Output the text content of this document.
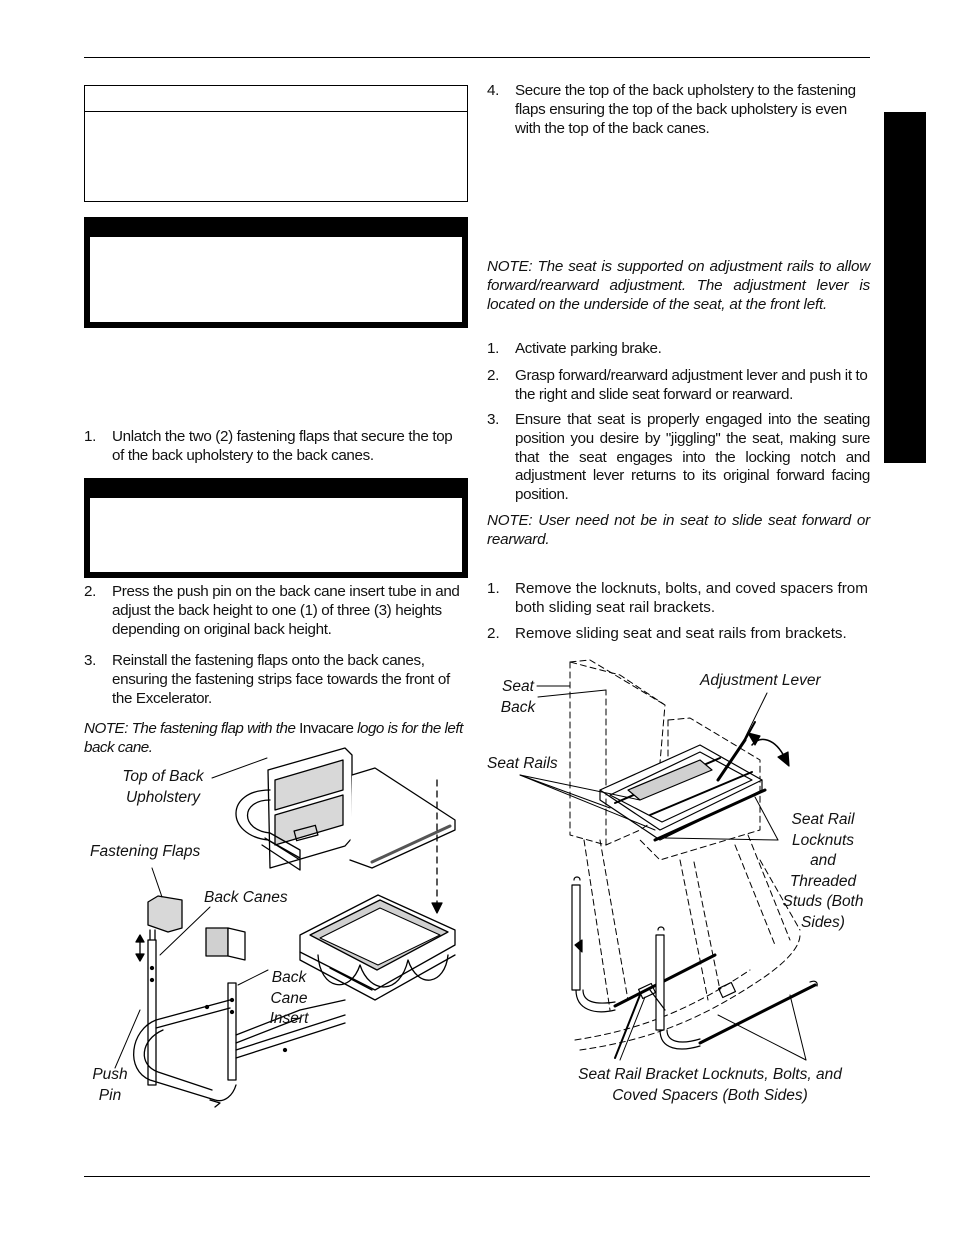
1. Unlatch the two (2) fastening flaps that secure the top of the back upholstery to the back canes.
2. Press the push pin on the back cane insert tube in and adjust the back height to one (1) of three (3) heights depending on original back height.
3. Reinstall the fastening flaps onto the back canes, ensuring the fastening strips face towards the front of the Excelerator.
NOTE: The fastening flap with the Invacare logo is for the left back cane.
4. Secure the top of the back upholstery to the fastening flaps ensuring the top of the back upholstery is even with the top of the back canes.
NOTE: The seat is supported on adjustment rails to allow forward/rearward adjustment. The adjustment lever is located on the underside of the seat, at the front left.
1. Activate parking brake.
2. Grasp forward/rearward adjustment lever and push it to the right and slide seat forward or rearward.
3. Ensure that seat is properly engaged into the seating position you desire by "jiggling" the seat, making sure that the seat engages into the locking notch and adjustment lever returns to its original forward facing position.
NOTE: User need not be in seat to slide seat forward or rearward.
1. Remove the locknuts, bolts, and coved spacers from both sliding seat rail brackets.
2. Remove sliding seat and seat rails from brackets.
Top of Back
Upholstery
Fastening Flaps
Back Canes
Back
Cane
Insert
Push
Pin
Seat
Back
Adjustment Lever
Seat Rails
Seat Rail
Locknuts
and
Threaded
Studs (Both
Sides)
Seat Rail Bracket Locknuts, Bolts, and
Coved Spacers (Both Sides)
